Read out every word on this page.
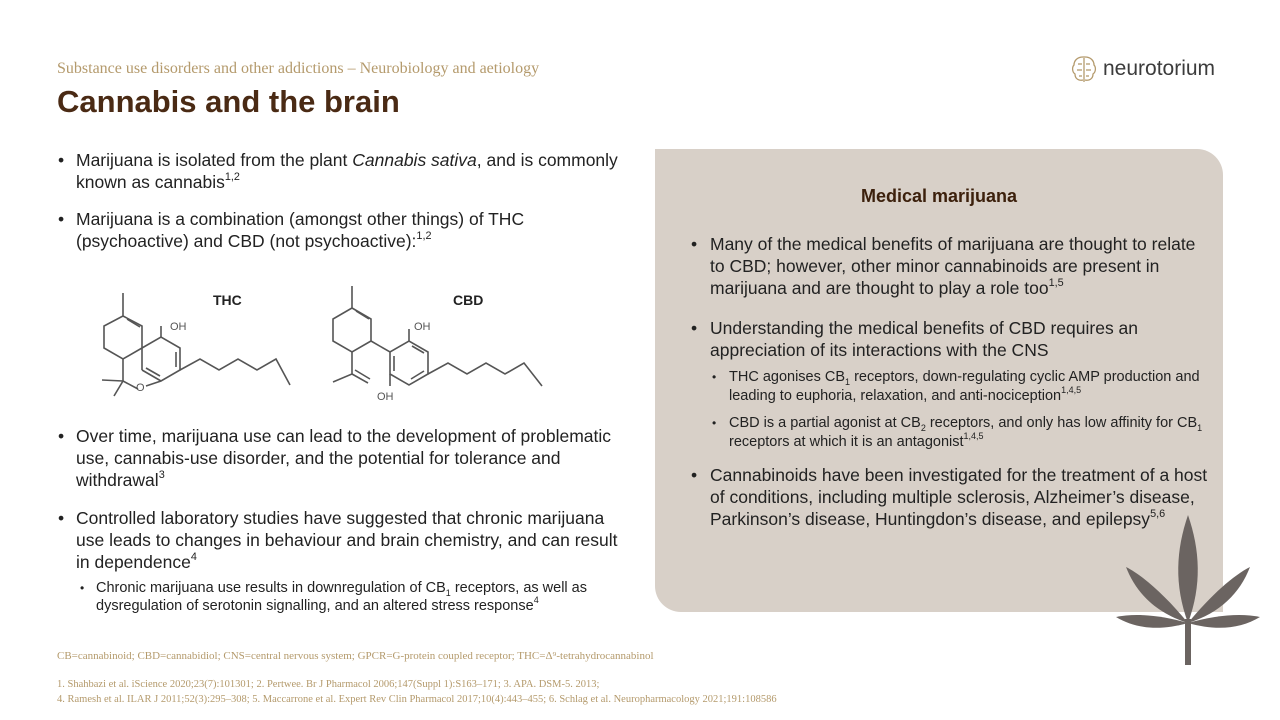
Substance use disorders and other addictions – Neurobiology and aetiology
Cannabis and the brain
neurotorium
• Marijuana is isolated from the plant Cannabis sativa, and is commonly known as cannabis$^{1,2}$
• Marijuana is a combination (amongst other things) of THC (psychoactive) and CBD (not psychoactive):$^{1,2}$
OH
O
THC
OH
OH
CBD
• Over time, marijuana use can lead to the development of problematic use, cannabis-use disorder, and the potential for tolerance and withdrawal$^3$
• Controlled laboratory studies have suggested that chronic marijuana use leads to changes in behaviour and brain chemistry, and can result in dependence$^4$
• Chronic marijuana use results in downregulation of $CB_1$ receptors, as well as dysregulation of serotonin signalling, and an altered stress response$^4$
Medical marijuana
• Many of the medical benefits of marijuana are thought to relate to CBD; however, other minor cannabinoids are present in marijuana and are thought to play a role too$^{1,5}$
• Understanding the medical benefits of CBD requires an appreciation of its interactions with the CNS
• THC agonises $CB_1$ receptors, down-regulating cyclic AMP production and leading to euphoria, relaxation, and anti-nociception$^{1,4,5}$
• CBD is a partial agonist at $CB_2$ receptors, and only has low affinity for $CB_1$ receptors at which it is an antagonist$^{1,4,5}$
• Cannabinoids have been investigated for the treatment of a host of conditions, including multiple sclerosis, Alzheimer’s disease, Parkinson’s disease, Huntingdon’s disease, and epilepsy$^{5,6}$
CB=cannabinoid; CBD=cannabidiol; CNS=central nervous system; GPCR=G-protein coupled receptor; THC=Δ⁹-tetrahydrocannabinol
1. Shahbazi et al. iScience 2020;23(7):101301; 2. Pertwee. Br J Pharmacol 2006;147(Suppl 1):S163–171; 3. APA. DSM-5. 2013;
4. Ramesh et al. ILAR J 2011;52(3):295–308; 5. Maccarrone et al. Expert Rev Clin Pharmacol 2017;10(4):443–455; 6. Schlag et al. Neuropharmacology 2021;191:108586
